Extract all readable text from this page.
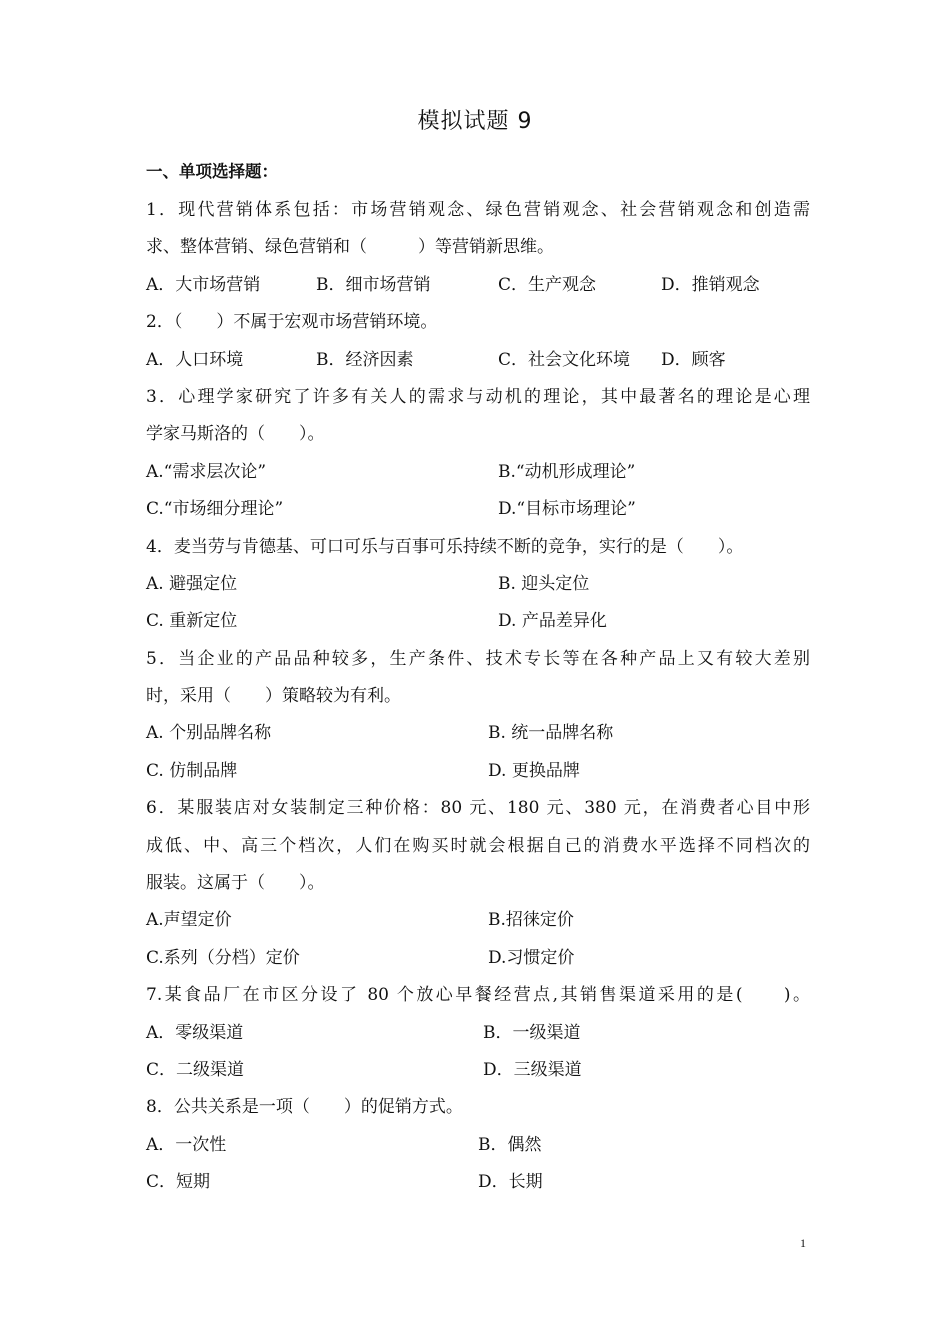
模拟试题 9
一、单项选择题：
1．现代营销体系包括：市场营销观念、绿色营销观念、社会营销观念和创造需
求、整体营销、绿色营销和（　　　）等营销新思维。
A．大市场营销	B．细市场营销	C．生产观念	D．推销观念
2．（　　）不属于宏观市场营销环境。
A．人口环境	B．经济因素	C．社会文化环境 D．顾客
3．心理学家研究了许多有关人的需求与动机的理论，其中最著名的理论是心理
学家马斯洛的（　　）。
A.“需求层次论”	B.“动机形成理论”
C.“市场细分理论”	D.“目标市场理论”
4．麦当劳与肯德基、可口可乐与百事可乐持续不断的竞争，实行的是（　　）。
A. 避强定位	B. 迎头定位
C. 重新定位	D. 产品差异化
5．当企业的产品品种较多，生产条件、技术专长等在各种产品上又有较大差别
时，采用（　　）策略较为有利。
A. 个别品牌名称	B. 统一品牌名称
C. 仿制品牌	D. 更换品牌
6．某服装店对女装制定三种价格：80 元、180 元、380 元，在消费者心目中形
成低、中、高三个档次，人们在购买时就会根据自己的消费水平选择不同档次的
服装。这属于（　　）。
A.声望定价	B.招徕定价
C.系列（分档）定价	D.习惯定价
7.某食品厂在市区分设了 80 个放心早餐经营点,其销售渠道采用的是(　　)。
A．零级渠道	B．一级渠道
C．二级渠道	D．三级渠道
8．公共关系是一项（　　）的促销方式。
A．一次性	B．偶然
C．短期	D．长期
1
